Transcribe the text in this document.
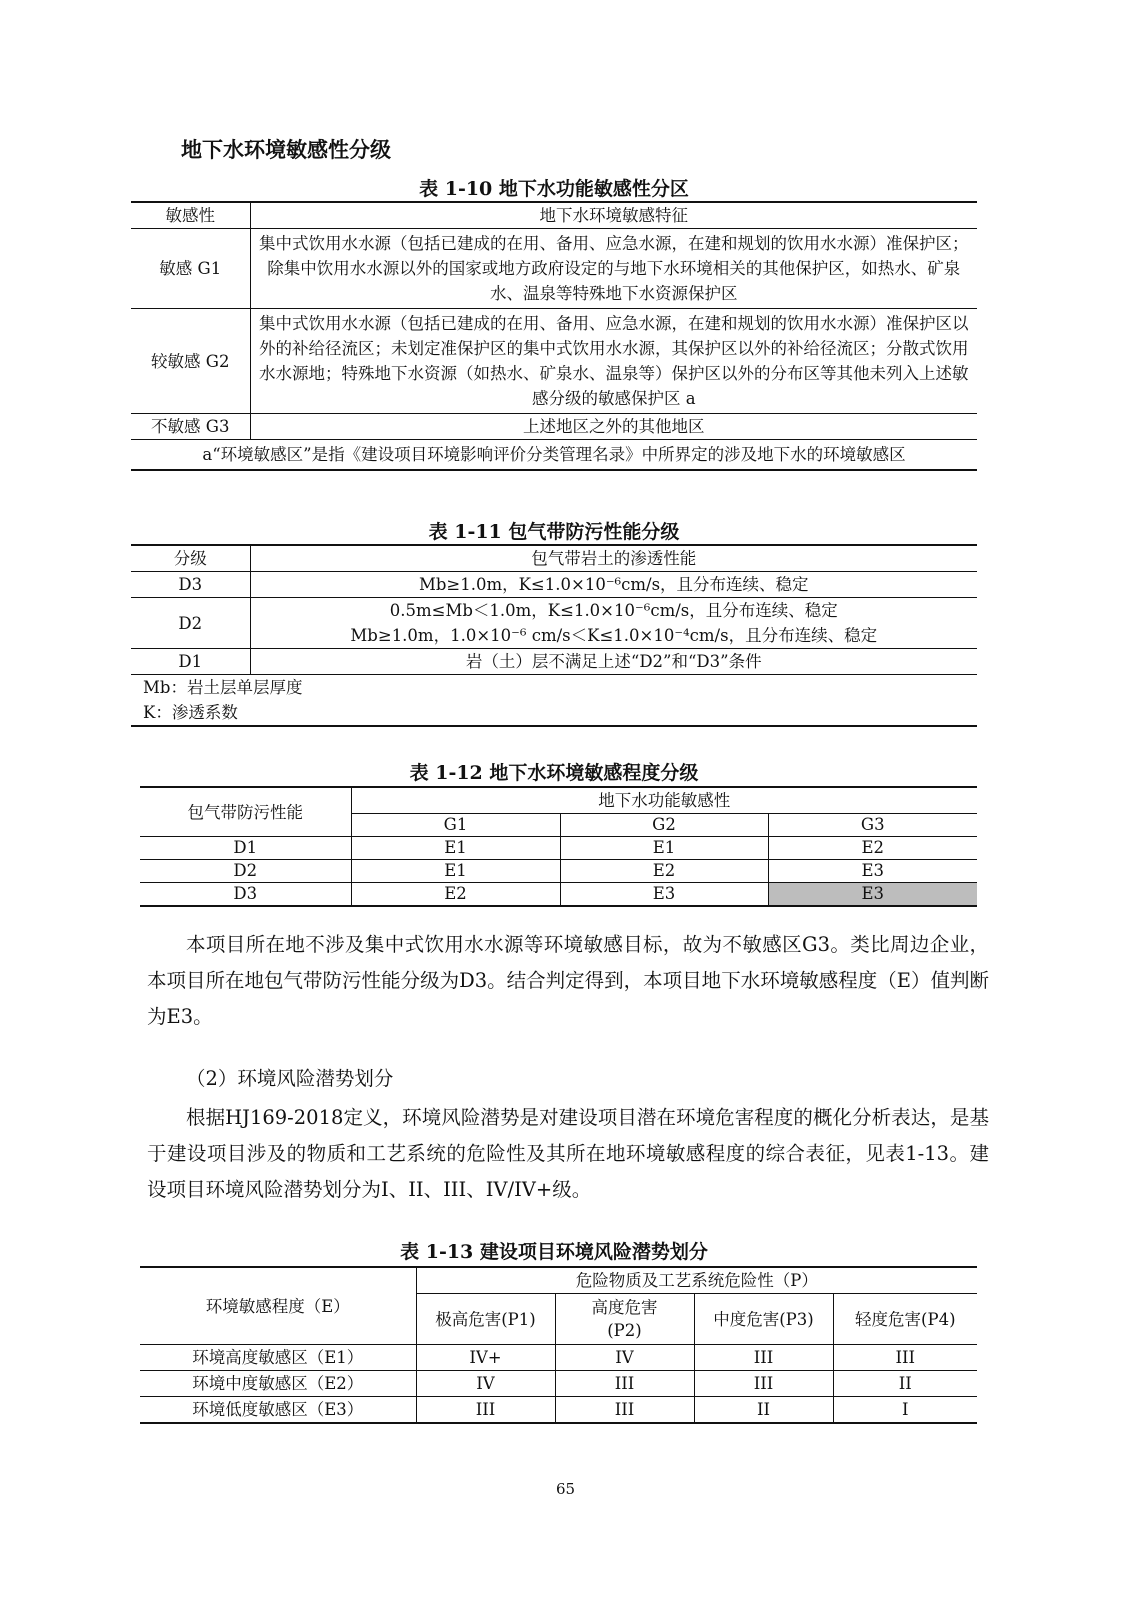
地下水环境敏感性分级
表 1-10 地下水功能敏感性分区
敏感性	地下水环境敏感特征
敏感 G1	集中式饮用水水源（包括已建成的在用、备用、应急水源，在建和规划的饮用水水源）准保护区；除集中饮用水水源以外的国家或地方政府设定的与地下水环境相关的其他保护区，如热水、矿泉水、温泉等特殊地下水资源保护区
较敏感 G2	集中式饮用水水源（包括已建成的在用、备用、应急水源，在建和规划的饮用水水源）准保护区以外的补给径流区；未划定准保护区的集中式饮用水水源，其保护区以外的补给径流区；分散式饮用水水源地；特殊地下水资源（如热水、矿泉水、温泉等）保护区以外的分布区等其他未列入上述敏感分级的敏感保护区 a
不敏感 G3	上述地区之外的其他地区
a“环境敏感区”是指《建设项目环境影响评价分类管理名录》中所界定的涉及地下水的环境敏感区	
表 1-11 包气带防污性能分级
分级	包气带岩土的渗透性能
D3	Mb≥1.0m，K≤1.0×10⁻⁶cm/s，且分布连续、稳定
D2	0.5m≤Mb＜1.0m，K≤1.0×10⁻⁶cm/s，且分布连续、稳定
Mb≥1.0m，1.0×10⁻⁶ cm/s＜K≤1.0×10⁻⁴cm/s，且分布连续、稳定

D1	岩（土）层不满足上述“D2”和“D3”条件

Mb：岩土层单层厚度
K：渗透系数	
表 1-12 地下水环境敏感程度分级
包气带防污性能	地下水功能敏感性		
	G1	G2	G3
D1	E1	E1	E2
D2	E1	E2	E3
D3	E2	E3	E3
本项目所在地不涉及集中式饮用水水源等环境敏感目标，故为不敏感区G3。类比周边企业，本项目所在地包气带防污性能分级为D3。结合判定得到，本项目地下水环境敏感程度（E）值判断为E3。
（2）环境风险潜势划分
根据HJ169-2018定义，环境风险潜势是对建设项目潜在环境危害程度的概化分析表达，是基于建设项目涉及的物质和工艺系统的危险性及其所在地环境敏感程度的综合表征，见表1-13。建设项目环境风险潜势划分为I、II、III、IV/IV+级。
表 1-13 建设项目环境风险潜势划分
环境敏感程度（E）	危险物质及工艺系统危险性（P）			
	极高危害(P1)	高度危害(P2)	中度危害(P3)	轻度危害(P4)
环境高度敏感区（E1）	IV+	IV	III	III
环境中度敏感区（E2）	IV	III	III	II
环境低度敏感区（E3）	III	III	II	I
65
